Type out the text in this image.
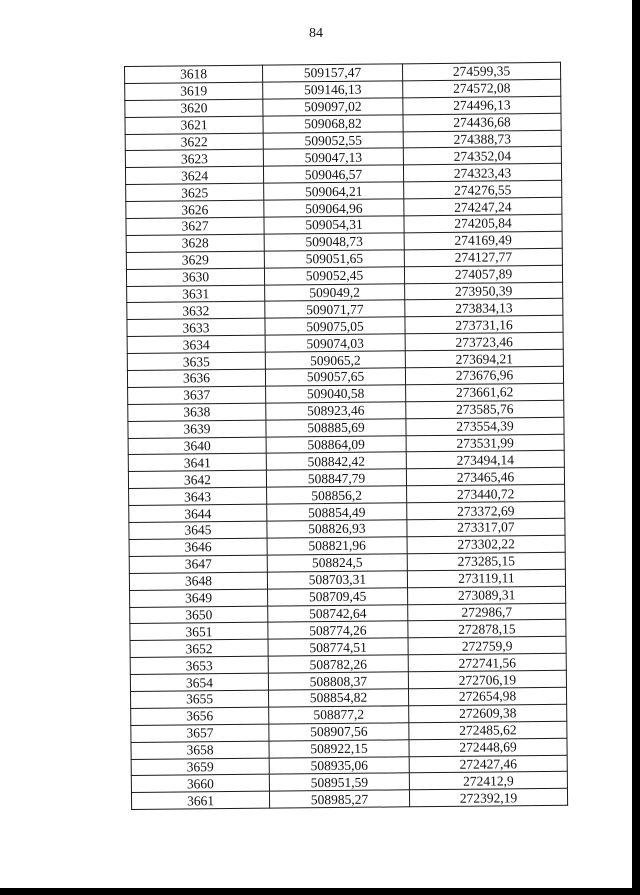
84
3618	509157,47	274599,35
3619	509146,13	274572,08
3620	509097,02	274496,13
3621	509068,82	274436,68
3622	509052,55	274388,73
3623	509047,13	274352,04
3624	509046,57	274323,43
3625	509064,21	274276,55
3626	509064,96	274247,24
3627	509054,31	274205,84
3628	509048,73	274169,49
3629	509051,65	274127,77
3630	509052,45	274057,89
3631	509049,2	273950,39
3632	509071,77	273834,13
3633	509075,05	273731,16
3634	509074,03	273723,46
3635	509065,2	273694,21
3636	509057,65	273676,96
3637	509040,58	273661,62
3638	508923,46	273585,76
3639	508885,69	273554,39
3640	508864,09	273531,99
3641	508842,42	273494,14
3642	508847,79	273465,46
3643	508856,2	273440,72
3644	508854,49	273372,69
3645	508826,93	273317,07
3646	508821,96	273302,22
3647	508824,5	273285,15
3648	508703,31	273119,11
3649	508709,45	273089,31
3650	508742,64	272986,7
3651	508774,26	272878,15
3652	508774,51	272759,9
3653	508782,26	272741,56
3654	508808,37	272706,19
3655	508854,82	272654,98
3656	508877,2	272609,38
3657	508907,56	272485,62
3658	508922,15	272448,69
3659	508935,06	272427,46
3660	508951,59	272412,9
3661	508985,27	272392,19
